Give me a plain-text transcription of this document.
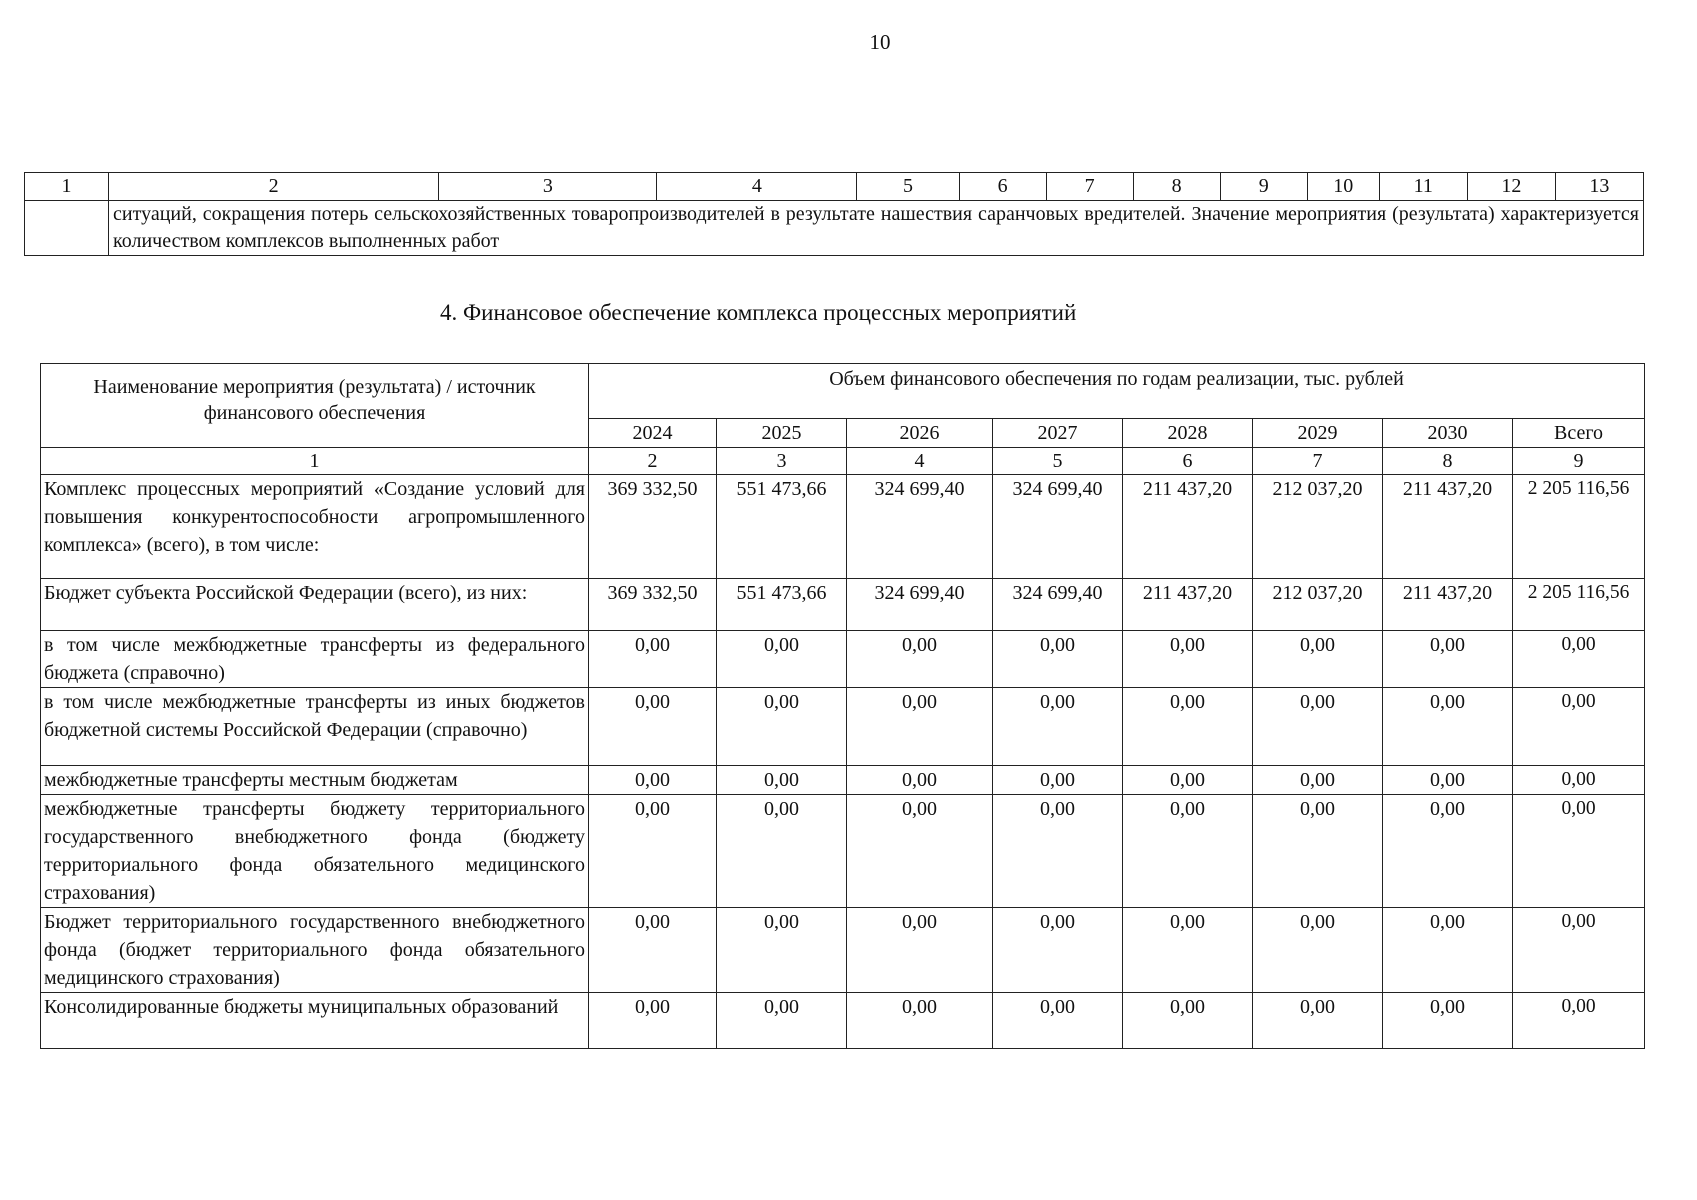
10
1	2	3	4	5	6	7	8	9	10	11	12	13
	ситуаций, сокращения потерь сельскохозяйственных товаропроизводителей в результате нашествия саранчовых вредителей. Значение мероприятия (результата) характеризуется количеством комплексов выполненных работ											
4. Финансовое обеспечение комплекса процессных мероприятий
Наименование мероприятия (результата) / источник финансового обеспечения	Объем финансового обеспечения по годам реализации, тыс. рублей							
	2024	2025	2026	2027	2028	2029	2030	Всего
1	2	3	4	5	6	7	8	9
Комплекс процессных мероприятий «Создание условий для повышения конкурентоспособности агропромышленного комплекса» (всего), в том числе:	369 332,50	551 473,66	324 699,40	324 699,40	211 437,20	212 037,20	211 437,20	2 205 116,56
Бюджет субъекта Российской Федерации (всего), из них:	369 332,50	551 473,66	324 699,40	324 699,40	211 437,20	212 037,20	211 437,20	2 205 116,56
в том числе межбюджетные трансферты из федерального бюджета (справочно)	0,00	0,00	0,00	0,00	0,00	0,00	0,00	0,00
в том числе межбюджетные трансферты из иных бюджетов бюджетной системы Российской Федерации (справочно)	0,00	0,00	0,00	0,00	0,00	0,00	0,00	0,00
межбюджетные трансферты местным бюджетам	0,00	0,00	0,00	0,00	0,00	0,00	0,00	0,00
межбюджетные трансферты бюджету территориального государственного внебюджетного фонда (бюджету территориального фонда обязательного медицинского страхования)	0,00	0,00	0,00	0,00	0,00	0,00	0,00	0,00
Бюджет территориального государственного внебюджетного фонда (бюджет территориального фонда обязательного медицинского страхования)	0,00	0,00	0,00	0,00	0,00	0,00	0,00	0,00
Консолидированные бюджеты муниципальных образований	0,00	0,00	0,00	0,00	0,00	0,00	0,00	0,00
